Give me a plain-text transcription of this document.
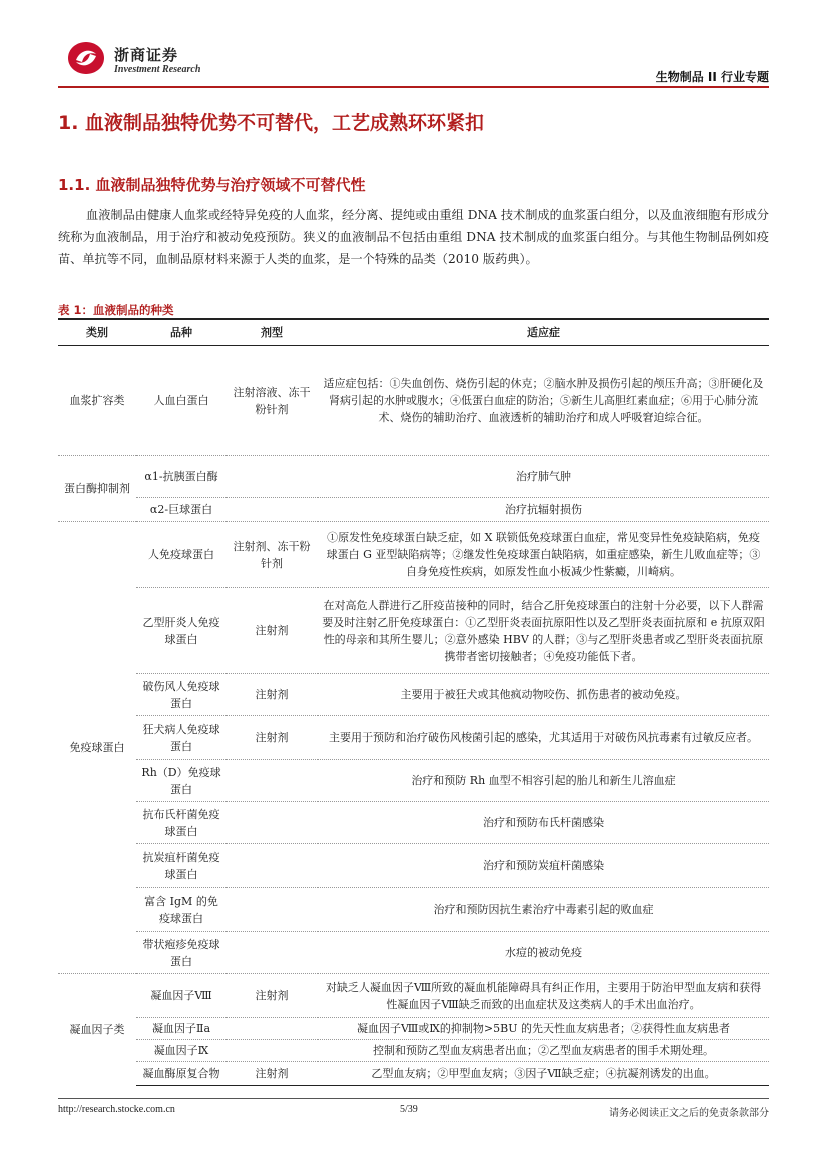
浙商证券
Investment Research
生物制品 II 行业专题
1. 血液制品独特优势不可替代，工艺成熟环环紧扣
1.1. 血液制品独特优势与治疗领域不可替代性
血液制品由健康人血浆或经特异免疫的人血浆，经分离、提纯或由重组 DNA 技术制成的血浆蛋白组分，以及血液细胞有形成分统称为血液制品，用于治疗和被动免疫预防。狭义的血液制品不包括由重组 DNA 技术制成的血浆蛋白组分。与其他生物制品例如疫苗、单抗等不同，血制品原材料来源于人类的血浆，是一个特殊的品类（2010 版药典）。
表 1：血液制品的种类
类别	品种	剂型	适应症
血浆扩容类	人血白蛋白	注射溶液、冻干粉针剂	适应症包括：①失血创伤、烧伤引起的休克；②脑水肿及损伤引起的颅压升高；③肝硬化及肾病引起的水肿或腹水；④低蛋白血症的防治；⑤新生儿高胆红素血症；⑥用于心肺分流术、烧伤的辅助治疗、血液透析的辅助治疗和成人呼吸窘迫综合征。
蛋白酶抑制剂	α1-抗胰蛋白酶		治疗肺气肿
	α2-巨球蛋白		治疗抗辐射损伤
免疫球蛋白	人免疫球蛋白	注射剂、冻干粉针剂	①原发性免疫球蛋白缺乏症，如 X 联锁低免疫球蛋白血症，常见变异性免疫缺陷病，免疫球蛋白 G 亚型缺陷病等；②继发性免疫球蛋白缺陷病，如重症感染，新生儿败血症等；③自身免疫性疾病，如原发性血小板减少性紫癜，川崎病。
	乙型肝炎人免疫球蛋白	注射剂	在对高危人群进行乙肝疫苗接种的同时，结合乙肝免疫球蛋白的注射十分必要，以下人群需要及时注射乙肝免疫球蛋白：①乙型肝炎表面抗原阳性以及乙型肝炎表面抗原和 e 抗原双阳性的母亲和其所生婴儿；②意外感染 HBV 的人群；③与乙型肝炎患者或乙型肝炎表面抗原携带者密切接触者；④免疫功能低下者。
	破伤风人免疫球蛋白	注射剂	主要用于被狂犬或其他疯动物咬伤、抓伤患者的被动免疫。
	狂犬病人免疫球蛋白	注射剂	主要用于预防和治疗破伤风梭菌引起的感染，尤其适用于对破伤风抗毒素有过敏反应者。
	Rh（D）免疫球蛋白		治疗和预防 Rh 血型不相容引起的胎儿和新生儿溶血症
	抗布氏杆菌免疫球蛋白		治疗和预防布氏杆菌感染
	抗炭疽杆菌免疫球蛋白		治疗和预防炭疽杆菌感染
	富含 IgM 的免疫球蛋白		治疗和预防因抗生素治疗中毒素引起的败血症
	带状疱疹免疫球蛋白		水痘的被动免疫
凝血因子类	凝血因子Ⅷ	注射剂	对缺乏人凝血因子Ⅷ所致的凝血机能障碍具有纠正作用，主要用于防治甲型血友病和获得性凝血因子Ⅷ缺乏而致的出血症状及这类病人的手术出血治疗。
	凝血因子Ⅱa		凝血因子Ⅷ或Ⅸ的抑制物>5BU 的先天性血友病患者；②获得性血友病患者
	凝血因子Ⅸ		控制和预防乙型血友病患者出血；②乙型血友病患者的围手术期处理。
	凝血酶原复合物	注射剂	乙型血友病；②甲型血友病；③因子Ⅶ缺乏症；④抗凝剂诱发的出血。
http://research.stocke.com.cn	5/39	请务必阅读正文之后的免责条款部分
